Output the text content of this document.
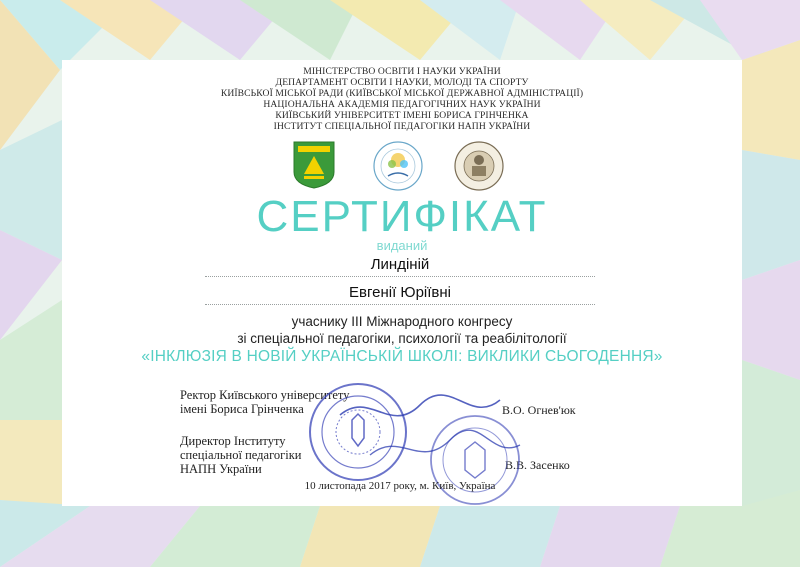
МІНІСТЕРСТВО ОСВІТИ І НАУКИ УКРАЇНИ
ДЕПАРТАМЕНТ ОСВІТИ І НАУКИ, МОЛОДІ ТА СПОРТУ
КИЇВСЬКОЇ МІСЬКОЇ РАДИ (КИЇВСЬКОЇ МІСЬКОЇ ДЕРЖАВНОЇ АДМІНІСТРАЦІЇ)
НАЦІОНАЛЬНА АКАДЕМІЯ ПЕДАГОГІЧНИХ НАУК УКРАЇНИ
КИЇВСЬКИЙ УНІВЕРСИТЕТ ІМЕНІ БОРИСА ГРІНЧЕНКА
ІНСТИТУТ СПЕЦІАЛЬНОЇ ПЕДАГОГІКИ НАПН УКРАЇНИ
СЕРТИФІКАТ
виданий
Линдіній
Евгенії Юріївні
учаснику III Міжнародного конгресу
зі спеціальної педагогіки, психології та реабілітології
«ІНКЛЮЗІЯ В НОВІЙ УКРАЇНСЬКІЙ ШКОЛІ: ВИКЛИКИ СЬОГОДЕННЯ»
Ректор Київського університету
імені Бориса Грінченка	В.О. Огнев'юк
Директор Інституту
спеціальної педагогіки
НАПН України	В.В. Засенко
10 листопада 2017 року, м. Київ, Україна
